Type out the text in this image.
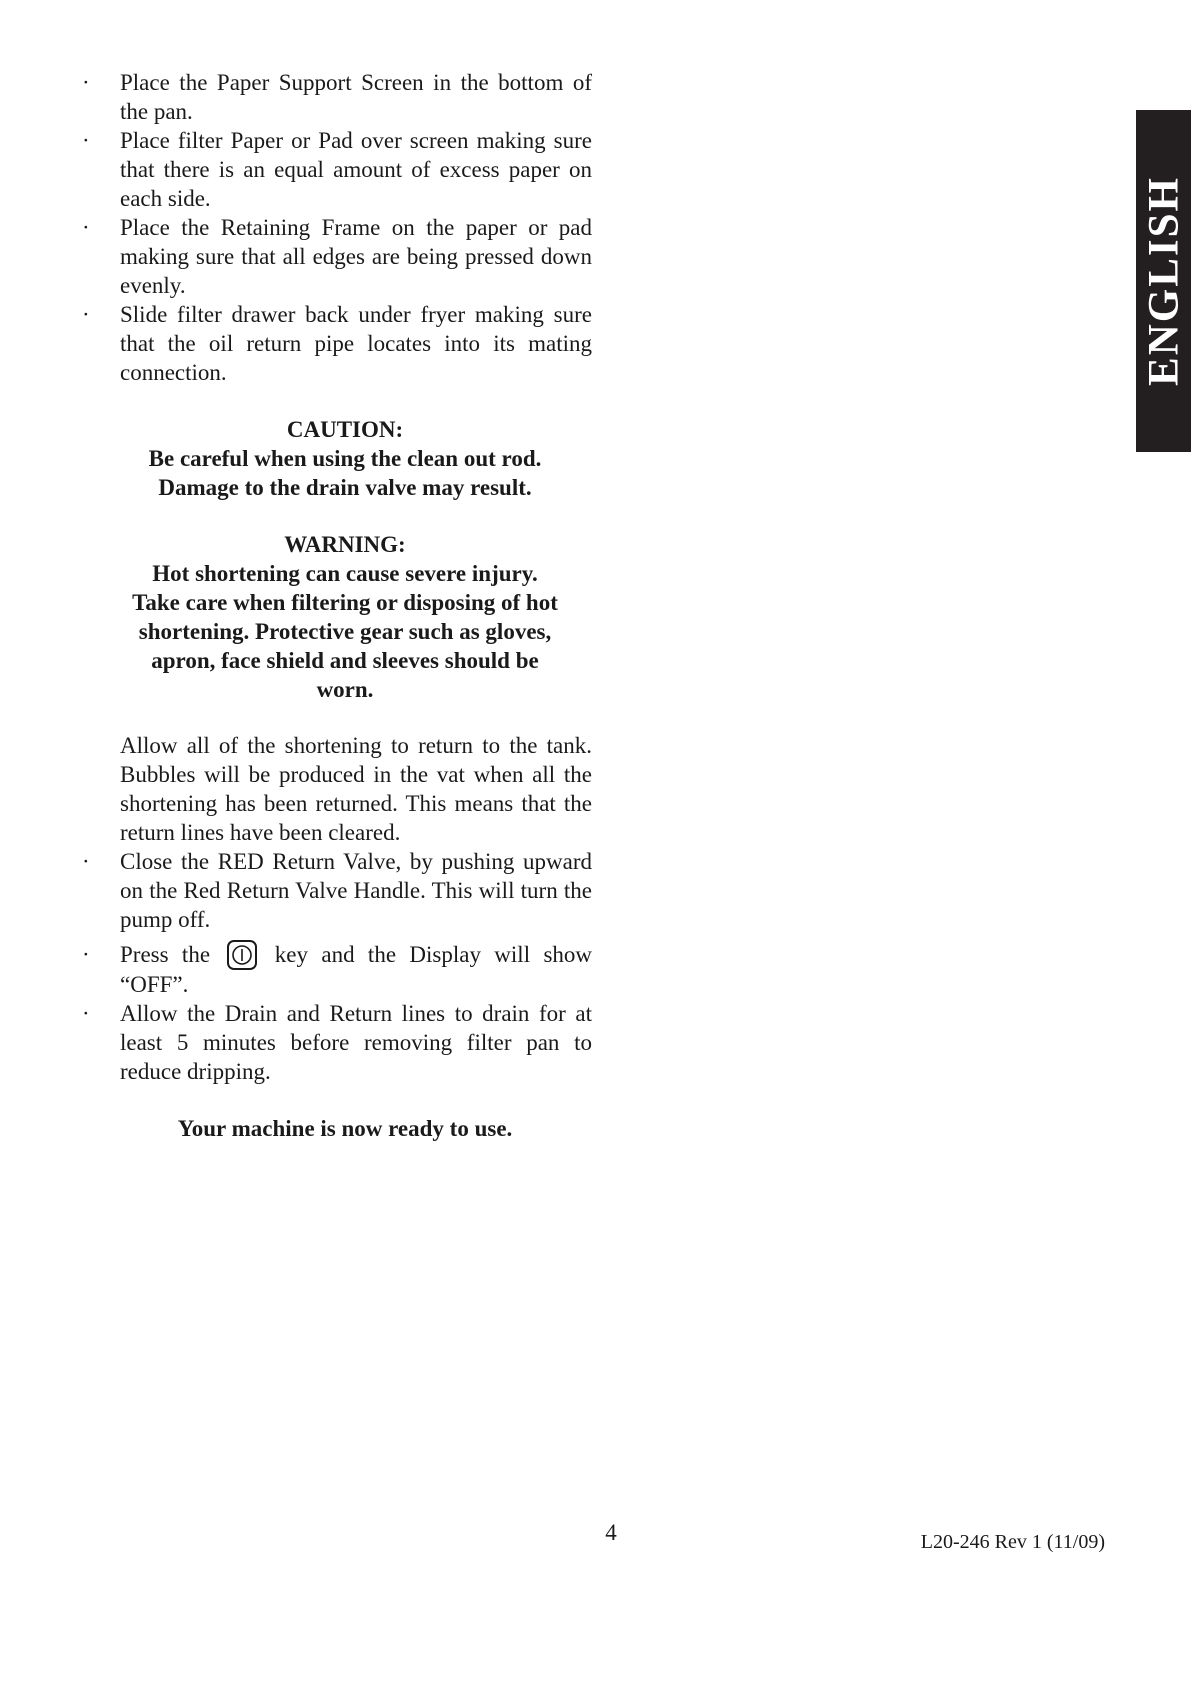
·	Place the Paper Support Screen in the bottom of the pan.
·	Place filter Paper or Pad over screen making sure that there is an equal amount of excess paper on each side.
·	Place the Retaining Frame on the paper or pad making sure that all edges are being pressed down evenly.
·	Slide filter drawer back under fryer making sure that the oil return pipe locates into its mating connection.
CAUTION:
Be careful when using the clean out rod. Damage to the drain valve may result.
WARNING:
Hot shortening can cause severe injury. Take care when filtering or disposing of hot shortening. Protective gear such as gloves, apron, face shield and sleeves should be worn.
Allow all of the shortening to return to the tank. Bubbles will be produced in the vat when all the shortening has been returned. This means that the return lines have been cleared.
·	Close the RED Return Valve, by pushing upward on the Red Return Valve Handle. This will turn the pump off.
·	Press the	key and the Display will show “OFF”.
·	Allow the Drain and Return lines to drain for at least 5 minutes before removing filter pan to reduce dripping.
Your machine is now ready to use.
ENGLISH
4	L20-246 Rev 1 (11/09)
